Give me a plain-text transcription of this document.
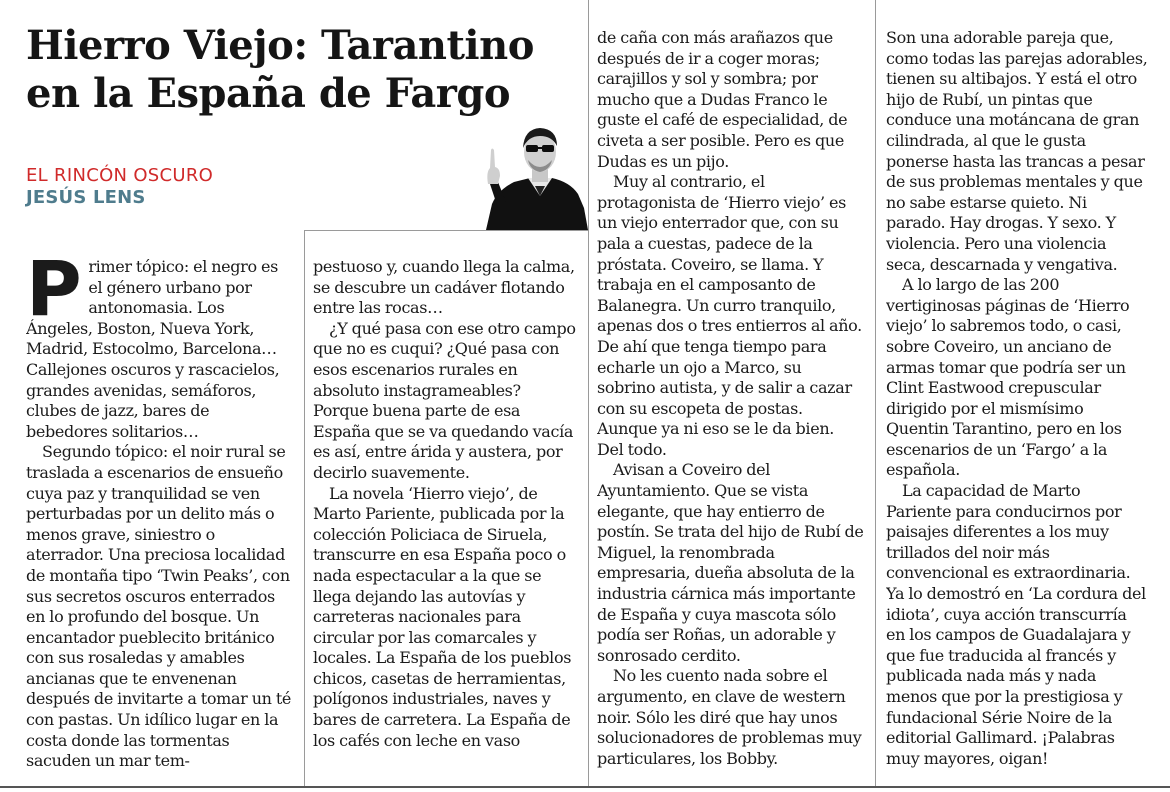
Hierro Viejo: Tarantino en la España de Fargo
EL RINCÓN OSCURO
JESÚS LENS

Primer tópico: el negro es el género urbano por antonomasia. Los Ángeles, Boston, Nueva York, Madrid, Estocolmo, Barcelona… Callejones oscuros y rascacielos, grandes avenidas, semáforos, clubes de jazz, bares de bebedores solitarios…

Segundo tópico: el noir rural se traslada a escenarios de ensueño cuya paz y tranquilidad se ven perturbadas por un delito más o menos grave, siniestro o aterrador. Una preciosa localidad de montaña tipo ‘Twin Peaks’, con sus secretos oscuros enterrados en lo profundo del bosque. Un encantador pueblecito británico con sus rosaledas y amables ancianas que te envenenan después de invitarte a tomar un té con pastas. Un idílico lugar en la costa donde las tormentas sacuden un mar tem-

pestuoso y, cuando llega la calma, se descubre un cadáver flotando entre las rocas…

¿Y qué pasa con ese otro campo que no es cuqui? ¿Qué pasa con esos escenarios rurales en absoluto instagrameables? Porque buena parte de esa España que se va quedando vacía es así, entre árida y austera, por decirlo suavemente.

La novela ‘Hierro viejo’, de Marto Pariente, publicada por la colección Policiaca de Siruela, transcurre en esa España poco o nada espectacular a la que se llega dejando las autovías y carreteras nacionales para circular por las comarcales y locales. La España de los pueblos chicos, casetas de herramientas, polígonos industriales, naves y bares de carretera. La España de los cafés con leche en vaso

de caña con más arañazos que después de ir a coger moras; carajillos y sol y sombra; por mucho que a Dudas Franco le guste el café de especialidad, de civeta a ser posible. Pero es que Dudas es un pijo.

Muy al contrario, el protagonista de ‘Hierro viejo’ es un viejo enterrador que, con su pala a cuestas, padece de la próstata. Coveiro, se llama. Y trabaja en el camposanto de Balanegra. Un curro tranquilo, apenas dos o tres entierros al año. De ahí que tenga tiempo para echarle un ojo a Marco, su sobrino autista, y de salir a cazar con su escopeta de postas. Aunque ya ni eso se le da bien. Del todo.

Avisan a Coveiro del Ayuntamiento. Que se vista elegante, que hay entierro de postín. Se trata del hijo de Rubí de Miguel, la renombrada empresaria, dueña absoluta de la industria cárnica más importante de España y cuya mascota sólo podía ser Roñas, un adorable y sonrosado cerdito.

No les cuento nada sobre el argumento, en clave de western noir. Sólo les diré que hay unos solucionadores de problemas muy particulares, los Bobby.

Son una adorable pareja que, como todas las parejas adorables, tienen su altibajos. Y está el otro hijo de Rubí, un pintas que conduce una motáncana de gran cilindrada, al que le gusta ponerse hasta las trancas a pesar de sus problemas mentales y que no sabe estarse quieto. Ni parado. Hay drogas. Y sexo. Y violencia. Pero una violencia seca, descarnada y vengativa.

A lo largo de las 200 vertiginosas páginas de ‘Hierro viejo’ lo sabremos todo, o casi, sobre Coveiro, un anciano de armas tomar que podría ser un Clint Eastwood crepuscular dirigido por el mismísimo Quentin Tarantino, pero en los escenarios de un ‘Fargo’ a la española.

La capacidad de Marto Pariente para conducirnos por paisajes diferentes a los muy trillados del noir más convencional es extraordinaria. Ya lo demostró en ‘La cordura del idiota’, cuya acción transcurría en los campos de Guadalajara y que fue traducida al francés y publicada nada más y nada menos que por la prestigiosa y fundacional Série Noire de la editorial Gallimard. ¡Palabras muy mayores, oigan!
